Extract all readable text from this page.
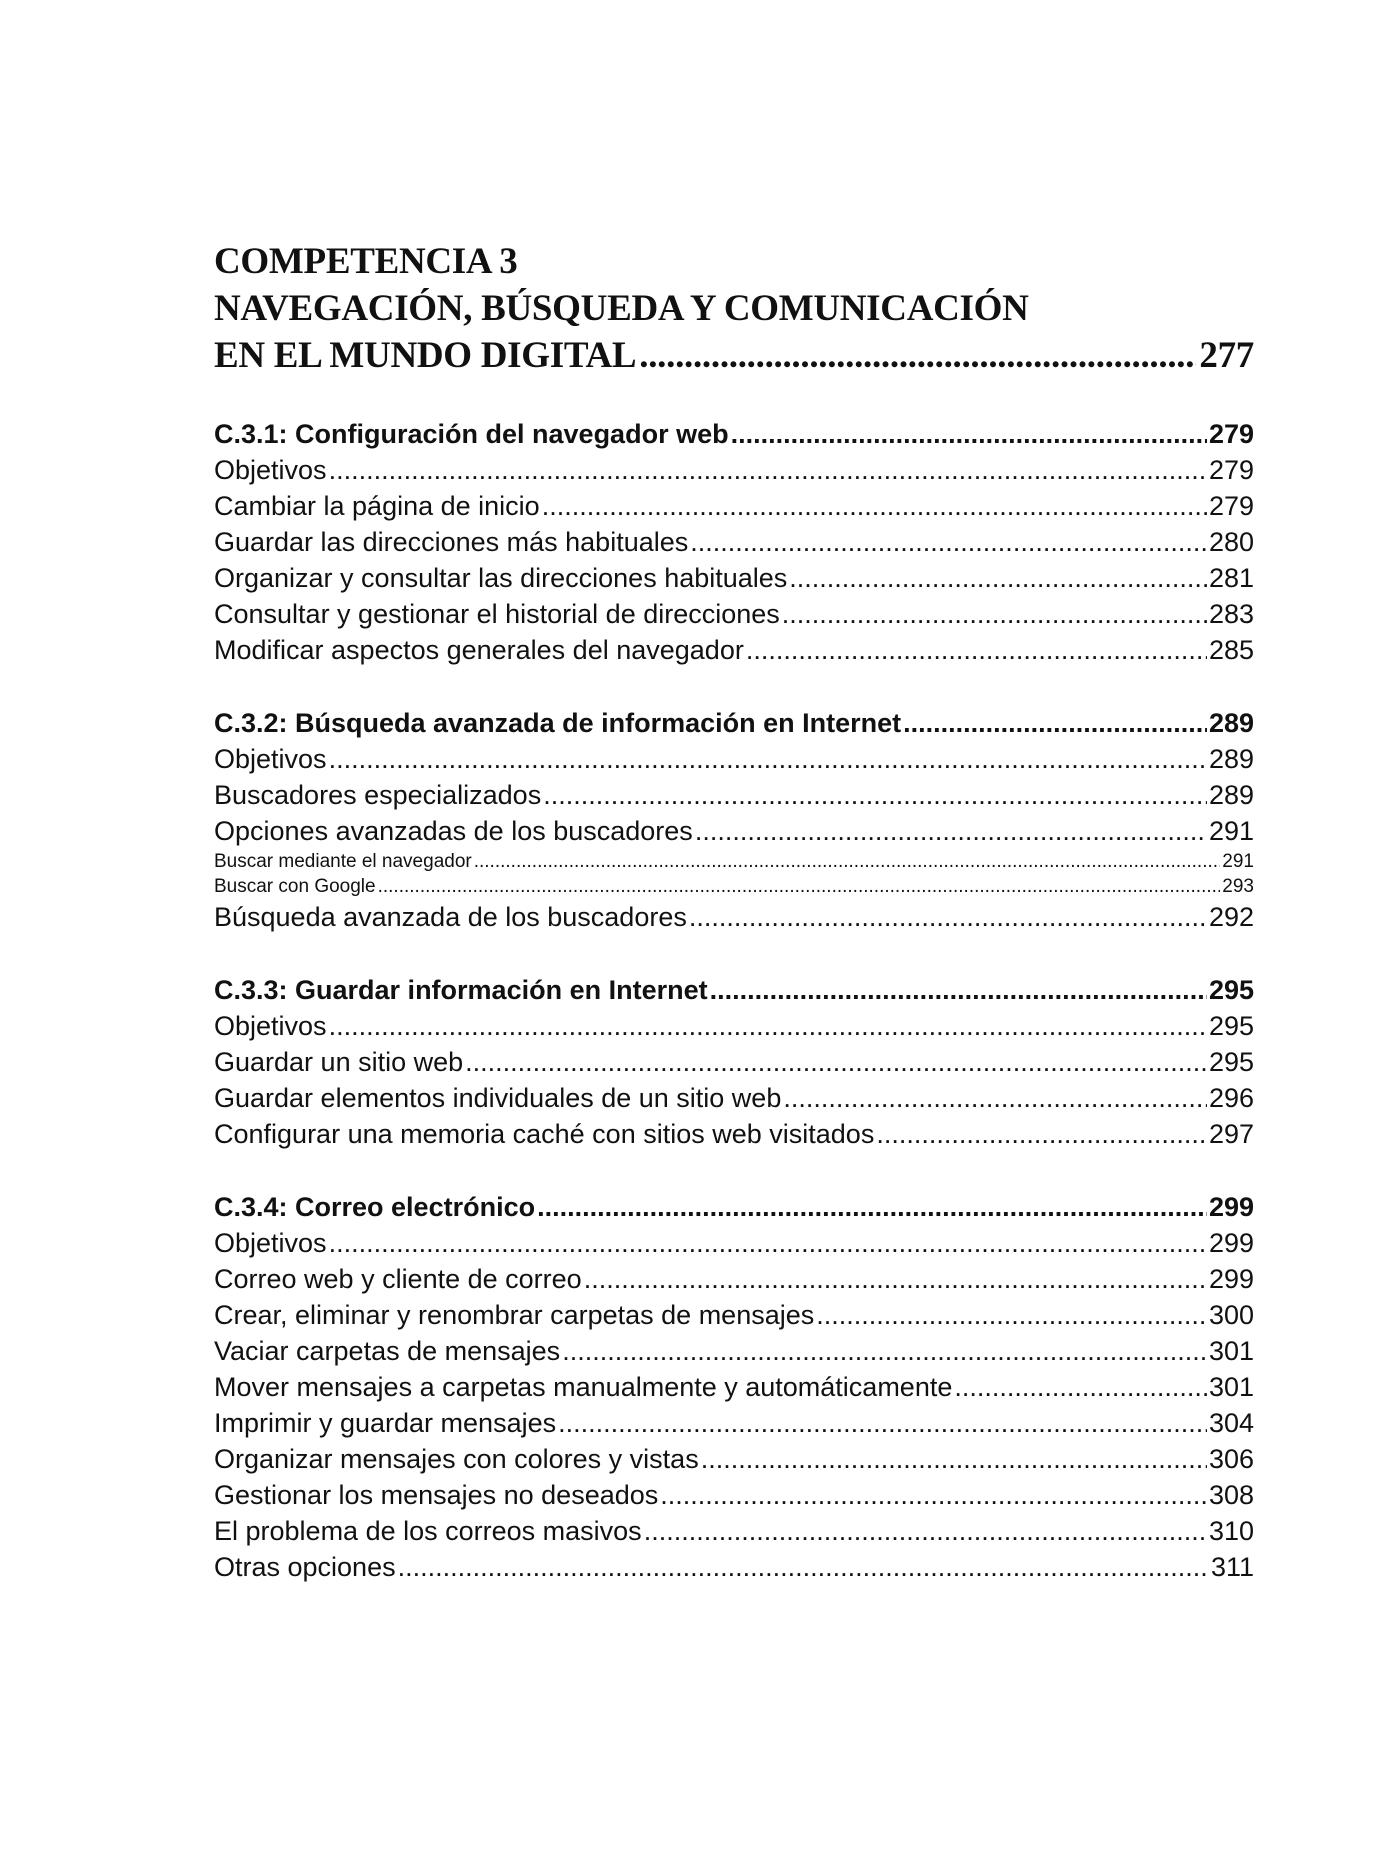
COMPETENCIA 3
NAVEGACIÓN, BÚSQUEDA Y COMUNICACIÓN
EN EL MUNDO DIGITAL .....	277
C.3.1: Configuración del navegador web .....	279
Objetivos .....	279
Cambiar la página de inicio .....	279
Guardar las direcciones más habituales .....	280
Organizar y consultar las direcciones habituales .....	281
Consultar y gestionar el historial de direcciones .....	283
Modificar aspectos generales del navegador .....	285
C.3.2: Búsqueda avanzada de información en Internet .....	289
Objetivos .....	289
Buscadores especializados .....	289
Opciones avanzadas de los buscadores .....	291
Buscar mediante el navegador .....	291
Buscar con Google .....	293
Búsqueda avanzada de los buscadores .....	292
C.3.3: Guardar información en Internet .....	295
Objetivos .....	295
Guardar un sitio web .....	295
Guardar elementos individuales de un sitio web .....	296
Configurar una memoria caché con sitios web visitados .....	297
C.3.4: Correo electrónico .....	299
Objetivos .....	299
Correo web y cliente de correo .....	299
Crear, eliminar y renombrar carpetas de mensajes .....	300
Vaciar carpetas de mensajes .....	301
Mover mensajes a carpetas manualmente y automáticamente .....	301
Imprimir y guardar mensajes .....	304
Organizar mensajes con colores y vistas .....	306
Gestionar los mensajes no deseados .....	308
El problema de los correos masivos .....	310
Otras opciones .....	311
